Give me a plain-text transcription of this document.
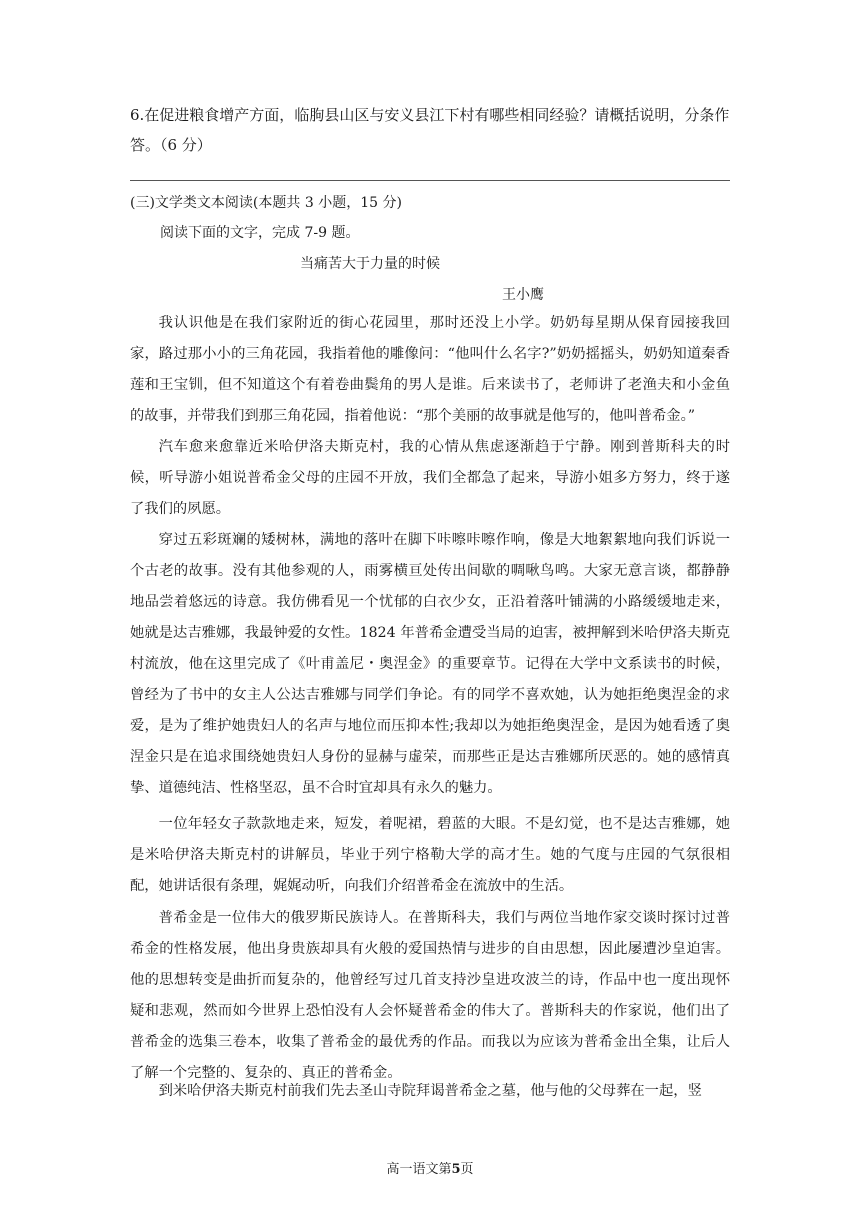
6.在促进粮食增产方面，临朐县山区与安义县江下村有哪些相同经验？请概括说明，分条作答。（6 分）

(三)文学类文本阅读(本题共 3 小题，15 分)

阅读下面的文字，完成 7-9 题。

当痛苦大于力量的时候

王小鹰

我认识他是在我们家附近的街心花园里，那时还没上小学。奶奶每星期从保育园接我回家，路过那小小的三角花园，我指着他的雕像问：“他叫什么名字?”奶奶摇摇头，奶奶知道秦香莲和王宝钏，但不知道这个有着卷曲鬓角的男人是谁。后来读书了，老师讲了老渔夫和小金鱼的故事，并带我们到那三角花园，指着他说：“那个美丽的故事就是他写的，他叫普希金。”

汽车愈来愈靠近米哈伊洛夫斯克村，我的心情从焦虑逐渐趋于宁静。刚到普斯科夫的时候，听导游小姐说普希金父母的庄园不开放，我们全都急了起来，导游小姐多方努力，终于遂了我们的夙愿。

穿过五彩斑斓的矮树林，满地的落叶在脚下咔嚓咔嚓作响，像是大地絮絮地向我们诉说一个古老的故事。没有其他参观的人，雨雾横亘处传出间歇的啁啾鸟鸣。大家无意言谈，都静静地品尝着悠远的诗意。我仿佛看见一个忧郁的白衣少女，正沿着落叶铺满的小路缓缓地走来，她就是达吉雅娜，我最钟爱的女性。1824 年普希金遭受当局的迫害，被押解到米哈伊洛夫斯克村流放，他在这里完成了《叶甫盖尼・奥涅金》的重要章节。记得在大学中文系读书的时候，曾经为了书中的女主人公达吉雅娜与同学们争论。有的同学不喜欢她，认为她拒绝奥涅金的求爱，是为了维护她贵妇人的名声与地位而压抑本性;我却以为她拒绝奥涅金，是因为她看透了奥涅金只是在追求围绕她贵妇人身份的显赫与虚荣，而那些正是达吉雅娜所厌恶的。她的感情真挚、道德纯洁、性格坚忍，虽不合时宜却具有永久的魅力。

一位年轻女子款款地走来，短发，着呢裙，碧蓝的大眼。不是幻觉，也不是达吉雅娜，她是米哈伊洛夫斯克村的讲解员，毕业于列宁格勒大学的高才生。她的气度与庄园的气氛很相配，她讲话很有条理，娓娓动听，向我们介绍普希金在流放中的生活。

普希金是一位伟大的俄罗斯民族诗人。在普斯科夫，我们与两位当地作家交谈时探讨过普希金的性格发展，他出身贵族却具有火般的爱国热情与进步的自由思想，因此屡遭沙皇迫害。他的思想转变是曲折而复杂的，他曾经写过几首支持沙皇进攻波兰的诗，作品中也一度出现怀疑和悲观，然而如今世界上恐怕没有人会怀疑普希金的伟大了。普斯科夫的作家说，他们出了普希金的选集三卷本，收集了普希金的最优秀的作品。而我以为应该为普希金出全集，让后人了解一个完整的、复杂的、真正的普希金。

到米哈伊洛夫斯克村前我们先去圣山寺院拜谒普希金之墓，他与他的父母葬在一起，竖

高一语文第5页
